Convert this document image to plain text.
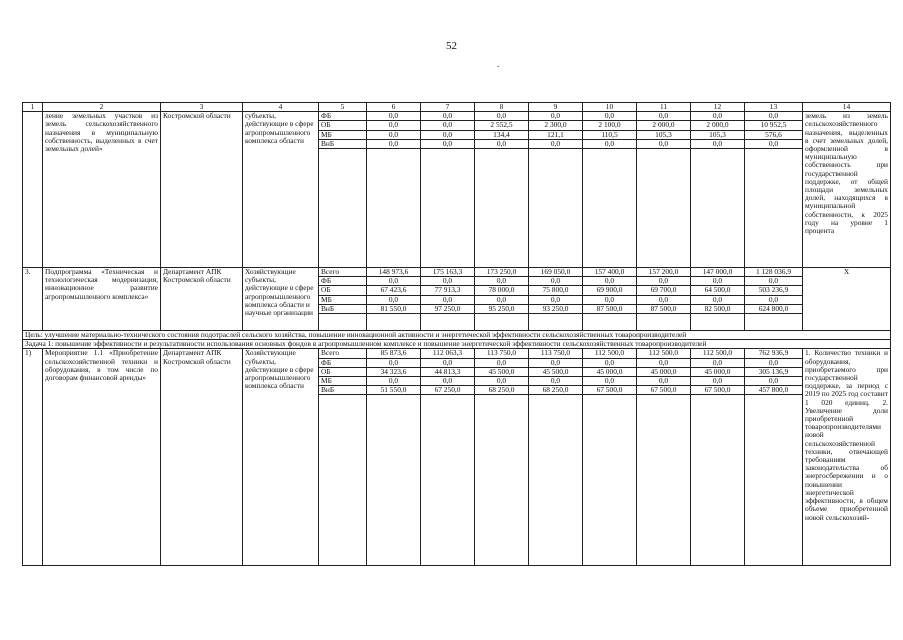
52
.
1	2	3	4	5	6	7	8	9	10	11	12	13	14
	ление земельных участков из земель сельскохозяйственного назначения в муниципальную собственность, выделенных в счет земельных долей»	Костромской области	субъекты, действующие в сфере агропромышленного комплекса области	ФБ	0,0	0,0	0,0	0,0	0,0	0,0	0,0	0,0	земель из земель сельскохозяйственного назначения, выделенных в счет земельных долей, оформленной в муниципальную собственность при государственной поддержке, от общей площади земельных долей, находящихся в муниципальной собственности, к 2025 году на уровне 1 процента
				ОБ	0,0	0,0	2 552,5	2 300,0	2 100,0	2 000,0	2 000,0	10 952,5	
				МБ	0,0	0,0	134,4	121,1	110,5	105,3	105,3	576,6	
				ВнБ	0,0	0,0	0,0	0,0	0,0	0,0	0,0	0,0	

3.	Подпрограмма «Техническая и технологическая модернизация, инновационное развитие агропромышленного комплекса»	Департамент АПК Костромской области	Хозяйствующие субъекты, действующие в сфере агропромышленного комплекса области и научные организации	Всего	148 973,6	175 163,3	173 250,0	169 050,0	157 400,0	157 200,0	147 000,0	1 128 036,9	X
				ФБ	0,0	0,0	0,0	0,0	0,0	0,0	0,0	0,0	
				ОБ	67 423,6	77 913,3	78 000,0	75 800,0	69 900,0	69 700,0	64 500,0	503 236,9	
				МБ	0,0	0,0	0,0	0,0	0,0	0,0	0,0	0,0	
				ВнБ	81 550,0	97 250,0	95 250,0	93 250,0	87 500,0	87 500,0	82 500,0	624 800,0	

Цель: улучшение материально-технического состояния подотраслей сельского хозяйства, повышение инновационной активности и энергетической эффективности сельскохозяйственных товаропроизводителей													
Задача 1: повышение эффективности и результативности использования основных фондов в агропромышленном комплексе и повышение энергетической эффективности сельскохозяйственных товаропроизводителей													
1)	Мероприятие 1.1 «Приобретение сельскохозяйственной техники и оборудования, в том числе по договорам финансовой аренды»	Департамент АПК Костромской области	Хозяйствующие субъекты, действующие в сфере агропромышленного комплекса области	Всего	85 873,6	112 063,3	113 750,0	113 750,0	112 500,0	112 500,0	112 500,0	762 936,9	1. Количество техники и оборудования, приобретаемого при государственной поддержке, за период с 2019 по 2025 год составит 1 020 единиц. 2. Увеличение доли приобретенной товаропроизводителями новой сельскохозяйственной техники, отвечающей требованиям законодательства об энергосбережении и о повышении энергетической эффективности, в общем объеме приобретенной новой сельскохозяй-
				ФБ	0,0	0,0	0,0	0,0	0,0	0,0	0,0	0,0	
				ОБ	34 323,6	44 813,3	45 500,0	45 500,0	45 000,0	45 000,0	45 000,0	305 136,9	
				МБ	0,0	0,0	0,0	0,0	0,0	0,0	0,0	0,0	
				ВнБ	51 550,0	67 250,0	68 250,0	68 250,0	67 500,0	67 500,0	67 500,0	457 800,0	
